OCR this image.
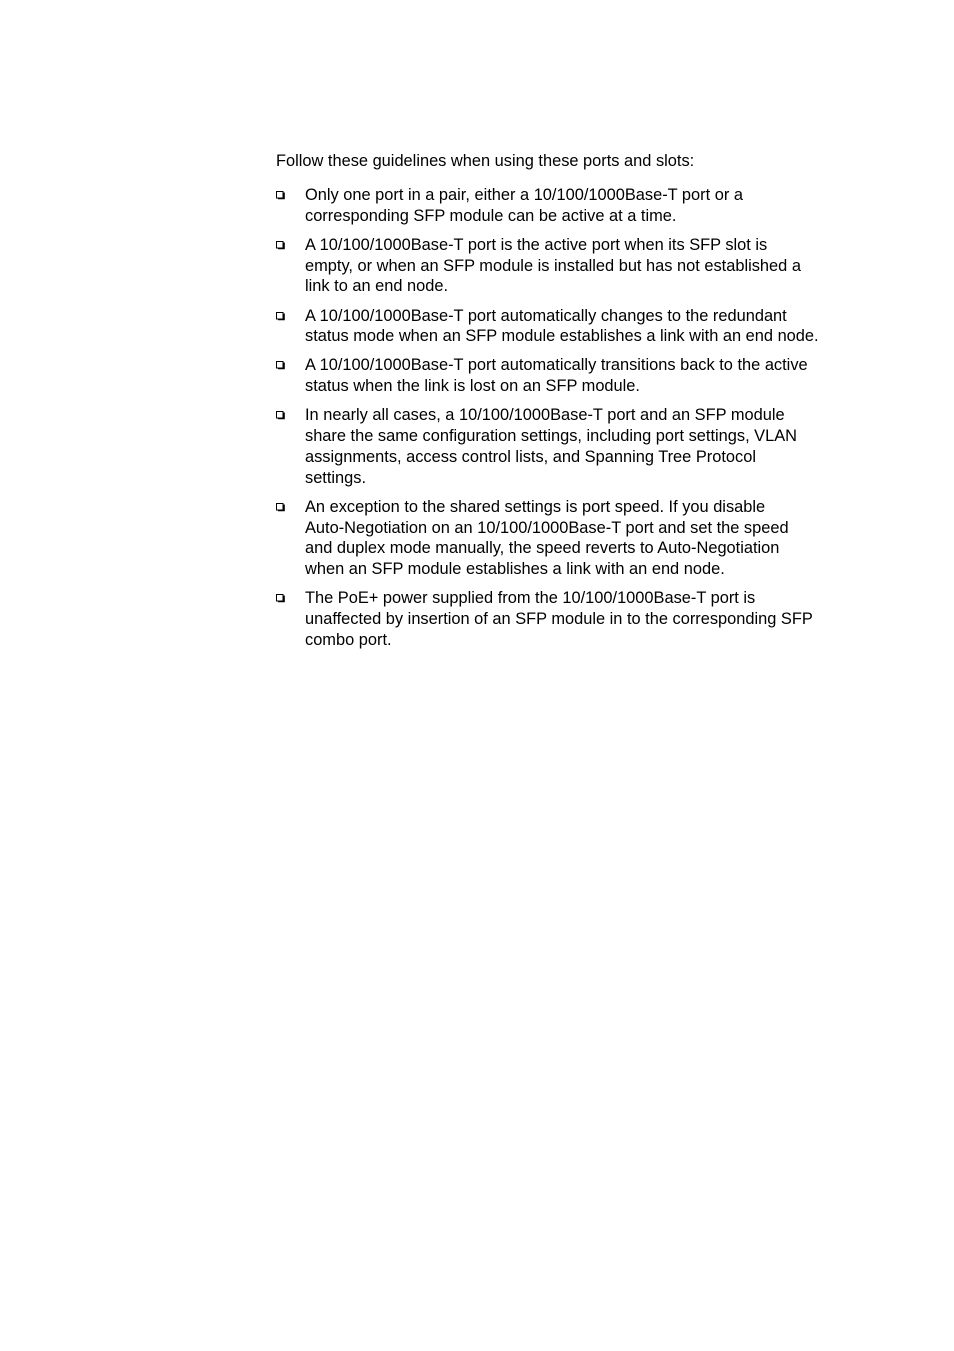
Follow these guidelines when using these ports and slots:

Only one port in a pair, either a 10/100/1000Base-T port or a
corresponding SFP module can be active at a time.
A 10/100/1000Base-T port is the active port when its SFP slot is
empty, or when an SFP module is installed but has not established a
link to an end node.
A 10/100/1000Base-T port automatically changes to the redundant
status mode when an SFP module establishes a link with an end node.
A 10/100/1000Base-T port automatically transitions back to the active
status when the link is lost on an SFP module.
In nearly all cases, a 10/100/1000Base-T port and an SFP module
share the same configuration settings, including port settings, VLAN
assignments, access control lists, and Spanning Tree Protocol
settings.
An exception to the shared settings is port speed. If you disable
Auto-Negotiation on an 10/100/1000Base-T port and set the speed
and duplex mode manually, the speed reverts to Auto-Negotiation
when an SFP module establishes a link with an end node.
The PoE+ power supplied from the 10/100/1000Base-T port is
unaffected by insertion of an SFP module in to the corresponding SFP
combo port.
